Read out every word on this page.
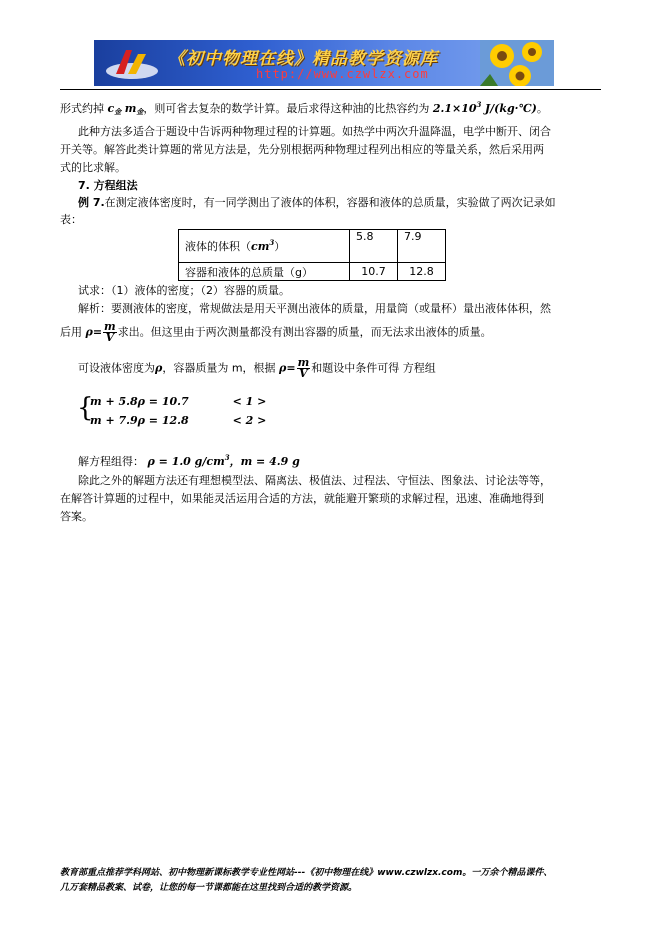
《初中物理在线》精品教学资源库
http://www.czwlzx.com
形式约掉 $c_金$ $m_金$，则可省去复杂的数学计算。最后求得这种油的比热容约为 $2.1\times 10^3$ J/(kg·℃)。
此种方法多适合于题设中告诉两种物理过程的计算题。如热学中两次升温降温，电学中断开、闭合
开关等。解答此类计算题的常见方法是，先分别根据两种物理过程列出相应的等量关系，然后采用两
式的比求解。
7. 方程组法
例 7.在测定液体密度时，有一同学测出了液体的体积，容器和液体的总质量，实验做了两次记录如
表：
液体的体积$(cm^3)$	5.8	7.9
容器和液体的总质量（g）	10.7	12.8
试求：（1）液体的密度；（2）容器的质量。
解析：要测液体的密度，常规做法是用天平测出液体的质量，用量筒（或量杯）量出液体体积，然
后用 $\rho= \frac{m}{V}$ 求出。但这里由于两次测量都没有测出容器的质量，而无法求出液体的质量。
可设液体密度为ρ，容器质量为 m，根据 $\rho= \frac{m}{V}$ 和题设中条件可得 方程组
{
m + 5.8ρ = 10.7	< 1 >
m + 7.9ρ = 12.8	< 2 >
解方程组得： ρ = 1.0 $g/cm^3$，m = 4.9 g
除此之外的解题方法还有理想模型法、隔离法、极值法、过程法、守恒法、图象法、讨论法等等，
在解答计算题的过程中，如果能灵活运用合适的方法，就能避开繁琐的求解过程，迅速、准确地得到
答案。
教育部重点推荐学科网站、初中物理新课标教学专业性网站---《初中物理在线》www.czwlzx.com。一万余个精品课件、
几万套精品教案、试卷，让您的每一节课都能在这里找到合适的教学资源。
